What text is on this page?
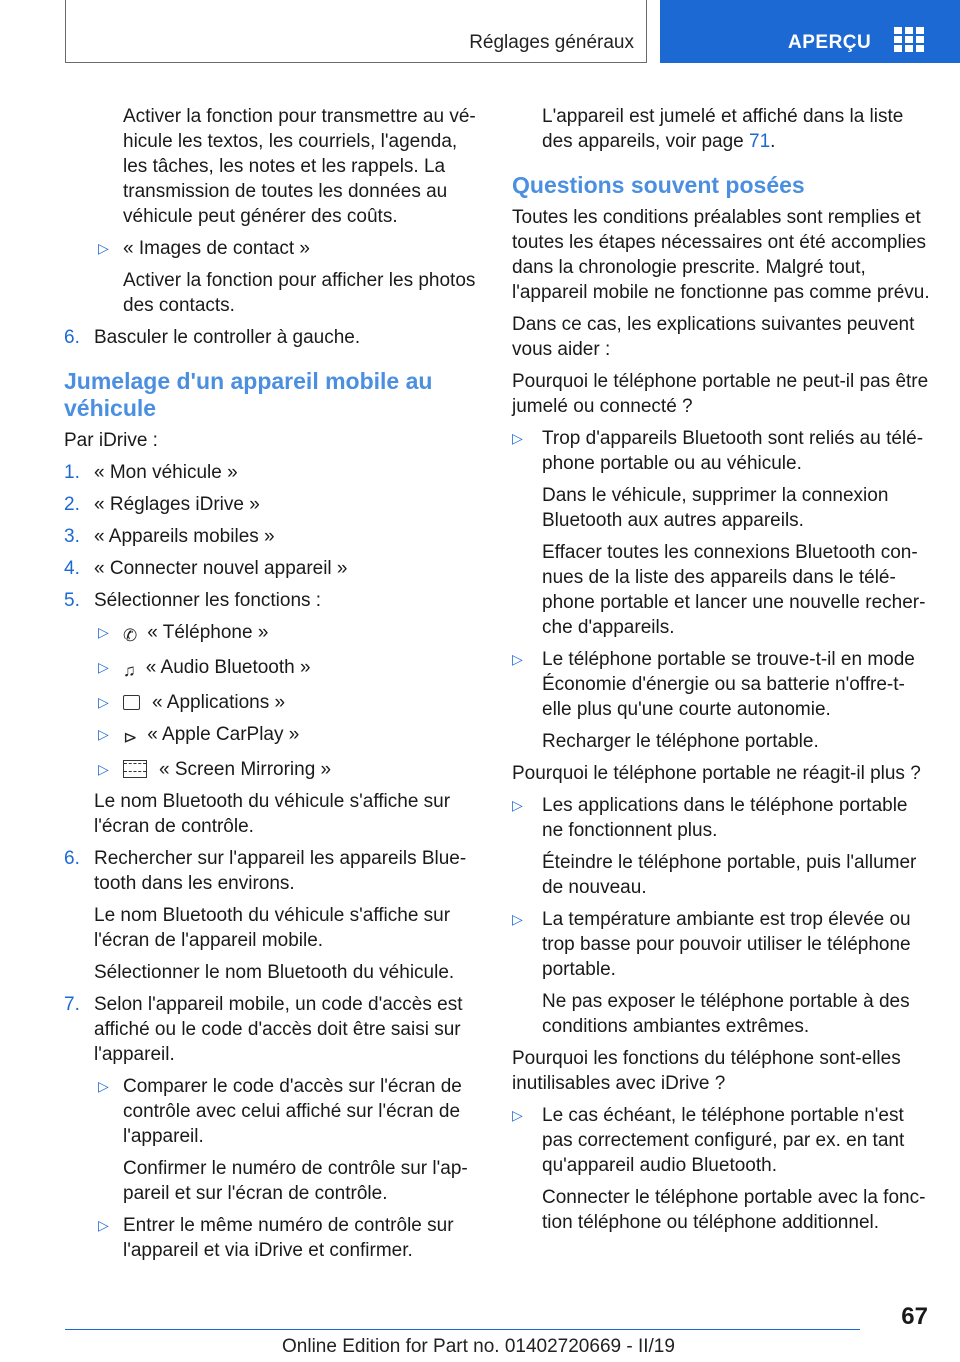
Réglages généraux	APERÇU

Activer la fonction pour transmettre au véhicule les textos, les courriels, l'agenda, les tâches, les notes et les rappels. La transmission de toutes les données au véhicule peut générer des coûts.

▷ « Images de contact »

Activer la fonction pour afficher les photos des contacts.

6. Basculer le controller à gauche.
Jumelage d'un appareil mobile au véhicule

Par iDrive :

1. « Mon véhicule »
2. « Réglages iDrive »
3. « Appareils mobiles »
4. « Connecter nouvel appareil »
5. Sélectionner les fonctions :
▷ ✆ « Téléphone »
▷ ♫ « Audio Bluetooth »
▷ « Applications »
▷ ⊳ « Apple CarPlay »
▷	« Screen Mirroring »

Le nom Bluetooth du véhicule s'affiche sur l'écran de contrôle.

6. Rechercher sur l'appareil les appareils Bluetooth dans les environs.

Le nom Bluetooth du véhicule s'affiche sur l'écran de l'appareil mobile.

Sélectionner le nom Bluetooth du véhicule.

7. Selon l'appareil mobile, un code d'accès est affiché ou le code d'accès doit être saisi sur l'appareil.
▷ Comparer le code d'accès sur l'écran de contrôle avec celui affiché sur l'écran de l'appareil.

Confirmer le numéro de contrôle sur l'appareil et sur l'écran de contrôle.

▷ Entrer le même numéro de contrôle sur l'appareil et via iDrive et confirmer.

L'appareil est jumelé et affiché dans la liste des appareils, voir page 71.

Questions souvent posées

Toutes les conditions préalables sont remplies et toutes les étapes nécessaires ont été accomplies dans la chronologie prescrite. Malgré tout, l'appareil mobile ne fonctionne pas comme prévu.

Dans ce cas, les explications suivantes peuvent vous aider :

Pourquoi le téléphone portable ne peut-il pas être jumelé ou connecté ?

▷ Trop d'appareils Bluetooth sont reliés au téléphone portable ou au véhicule.

Dans le véhicule, supprimer la connexion Bluetooth aux autres appareils.

Effacer toutes les connexions Bluetooth connues de la liste des appareils dans le téléphone portable et lancer une nouvelle recherche d'appareils.

▷ Le téléphone portable se trouve-t-il en mode Économie d'énergie ou sa batterie n'offre-t-elle plus qu'une courte autonomie.

Recharger le téléphone portable.

Pourquoi le téléphone portable ne réagit-il plus ?

▷ Les applications dans le téléphone portable ne fonctionnent plus.

Éteindre le téléphone portable, puis l'allumer de nouveau.

▷ La température ambiante est trop élevée ou trop basse pour pouvoir utiliser le téléphone portable.

Ne pas exposer le téléphone portable à des conditions ambiantes extrêmes.

Pourquoi les fonctions du téléphone sont-elles inutilisables avec iDrive ?

▷ Le cas échéant, le téléphone portable n'est pas correctement configuré, par ex. en tant qu'appareil audio Bluetooth.

Connecter le téléphone portable avec la fonction téléphone ou téléphone additionnel.

67
Online Edition for Part no. 01402720669 - II/19
